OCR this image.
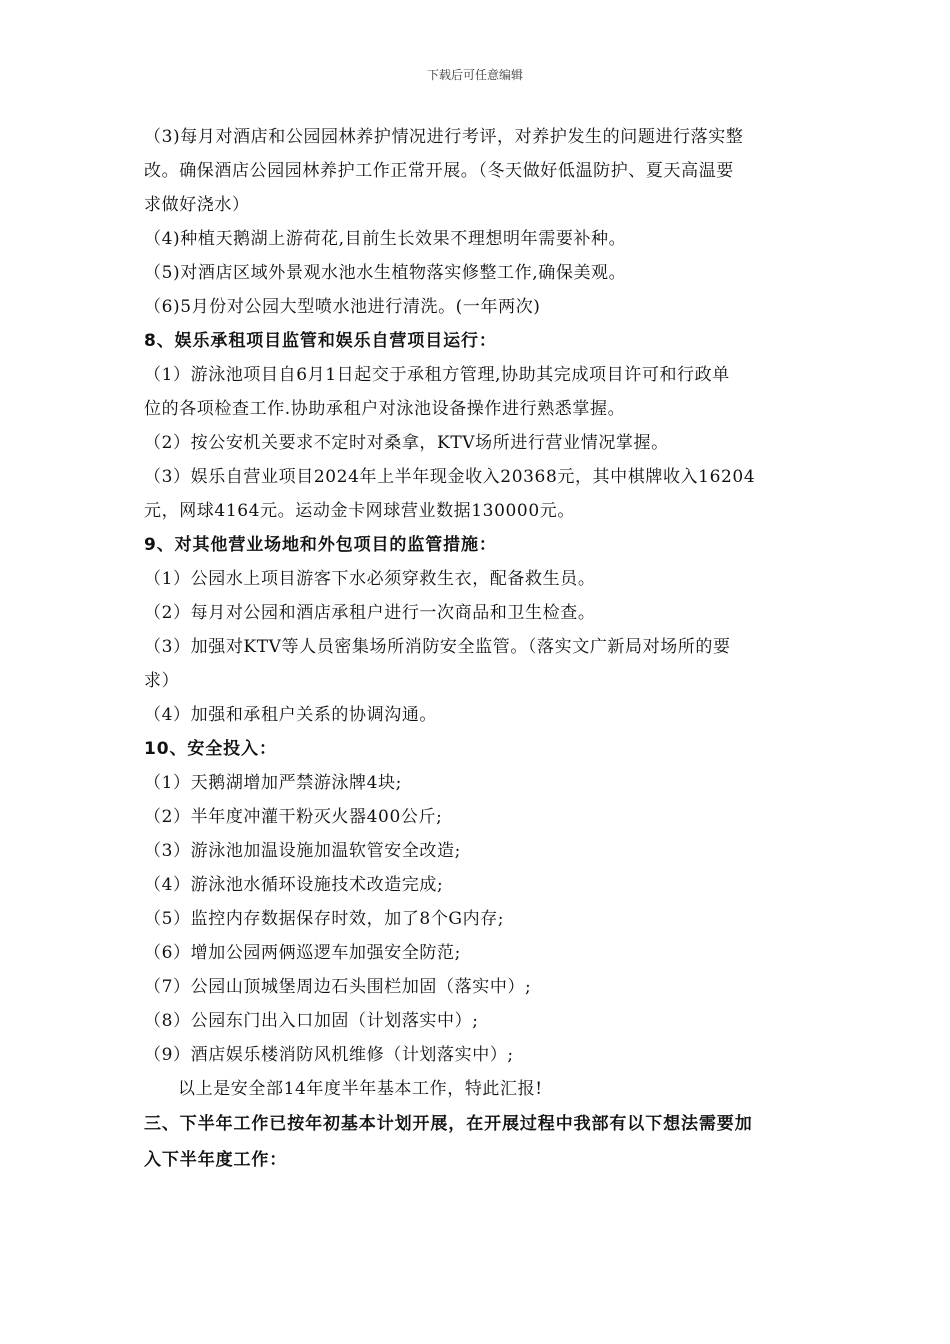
下载后可任意编辑
（3)每月对酒店和公园园林养护情况进行考评，对养护发生的问题进行落实整
改。确保酒店公园园林养护工作正常开展。（冬天做好低温防护、夏天高温要
求做好浇水）
（4)种植天鹅湖上游荷花,目前生长效果不理想明年需要补种。
（5)对酒店区域外景观水池水生植物落实修整工作,确保美观。
（6)5月份对公园大型喷水池进行清洗。(一年两次)
8、娱乐承租项目监管和娱乐自营项目运行：
（1）游泳池项目自6月1日起交于承租方管理,协助其完成项目许可和行政单
位的各项检查工作.协助承租户对泳池设备操作进行熟悉掌握。
（2）按公安机关要求不定时对桑拿，KTV场所进行营业情况掌握。
（3）娱乐自营业项目2024年上半年现金收入20368元，其中棋牌收入16204
元，网球4164元。运动金卡网球营业数据130000元。
9、对其他营业场地和外包项目的监管措施：
（1）公园水上项目游客下水必须穿救生衣，配备救生员。
（2）每月对公园和酒店承租户进行一次商品和卫生检查。
（3）加强对KTV等人员密集场所消防安全监管。（落实文广新局对场所的要
求）
（4）加强和承租户关系的协调沟通。
10、安全投入：
（1）天鹅湖增加严禁游泳牌4块;
（2）半年度冲灌干粉灭火器400公斤;
（3）游泳池加温设施加温软管安全改造;
（4）游泳池水循环设施技术改造完成;
（5）监控内存数据保存时效，加了8个G内存;
（6）增加公园两俩巡逻车加强安全防范;
（7）公园山顶城堡周边石头围栏加固（落实中）;
（8）公园东门出入口加固（计划落实中）;
（9）酒店娱乐楼消防风机维修（计划落实中）;
以上是安全部14年度半年基本工作，特此汇报!
三、下半年工作已按年初基本计划开展，在开展过程中我部有以下想法需要加
入下半年度工作：
